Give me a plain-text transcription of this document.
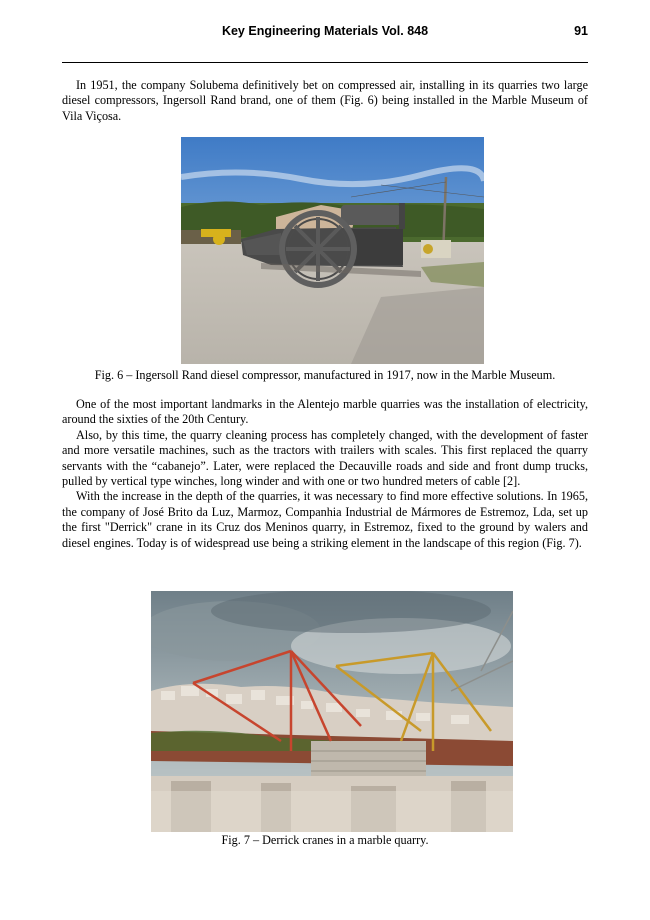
Key Engineering Materials Vol. 848	91

In 1951, the company Solubema definitively bet on compressed air, installing in its quarries two large diesel compressors, Ingersoll Rand brand, one of them (Fig. 6) being installed in the Marble Museum of Vila Viçosa.

Fig. 6 – Ingersoll Rand diesel compressor, manufactured in 1917, now in the Marble Museum.

One of the most important landmarks in the Alentejo marble quarries was the installation of electricity, around the sixties of the 20th Century.

Also, by this time, the quarry cleaning process has completely changed, with the development of faster and more versatile machines, such as the tractors with trailers with scales. This first replaced the quarry servants with the “cabanejo”. Later, were replaced the Decauville roads and side and front dump trucks, pulled by vertical type winches, long winder and with one or two hundred meters of cable [2].

With the increase in the depth of the quarries, it was necessary to find more effective solutions. In 1965, the company of José Brito da Luz, Marmoz, Companhia Industrial de Mármores de Estremoz, Lda, set up the first "Derrick" crane in its Cruz dos Meninos quarry, in Estremoz, fixed to the ground by walers and diesel engines. Today is of widespread use being a striking element in the landscape of this region (Fig. 7).

Fig. 7 – Derrick cranes in a marble quarry.
